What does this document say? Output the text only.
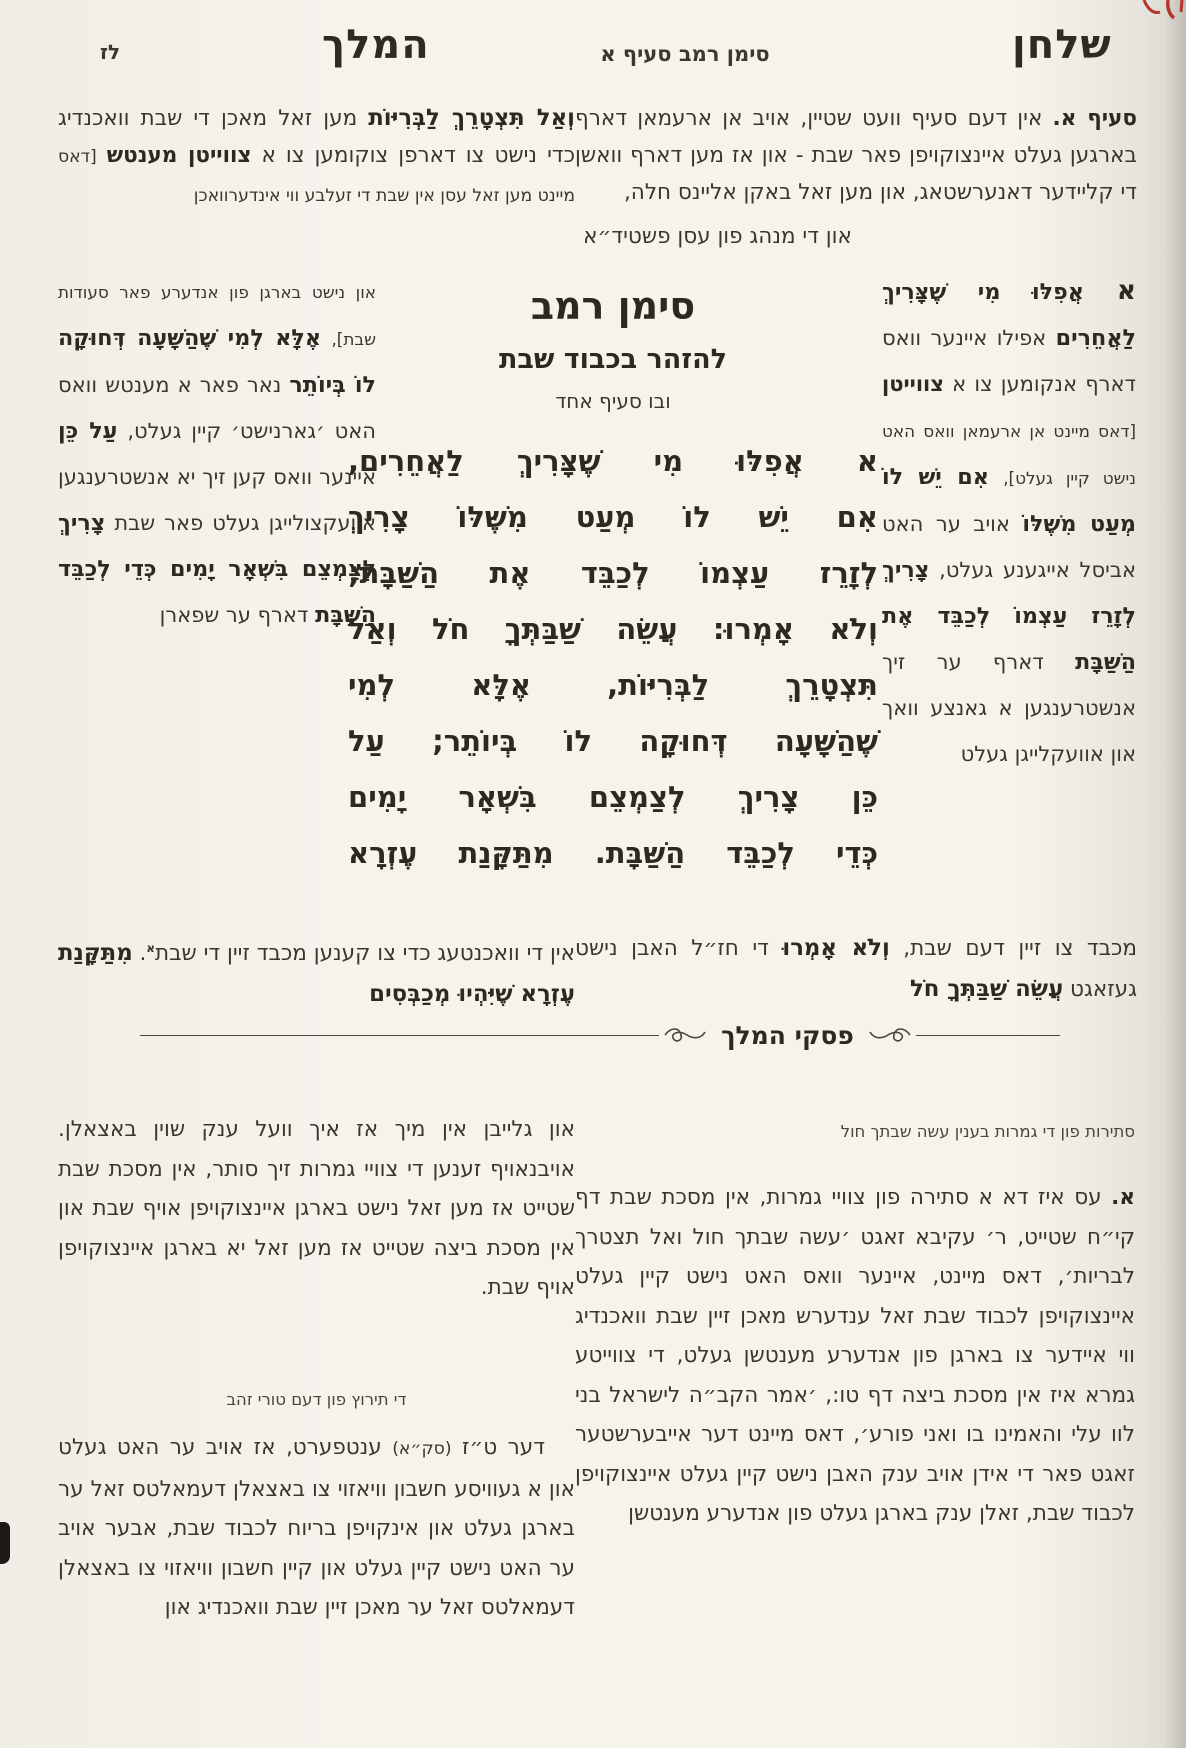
לז	המלך	סימן רמב סעיף א	שלחן
סעיף א. אין דעם סעיף וועט שטיין, אויב אן ארעמאן דארף בארגען געלט איינצוקויפן פאר שבת - און אז מען דארף וואשן די קליידער דאנערשטאג, און מען זאל באקן אליינס חלה,
און די מנהג פון עסן פשטיד״א
א אֲפִלּוּ מִי שֶׁצָּרִיךְ לַאֲחֵרִים אפילו איינער וואס דארף אנקומען צו א צווייטן [דאס מיינט אן ארעמאן וואס האט נישט קיין געלט], אִם יֵשׁ לוֹ מְעַט מִשֶּׁלּוֹ אויב ער האט אביסל אייגענע געלט, צָרִיךְ לְזָרֵז עַצְמוֹ לְכַבֵּד אֶת הַשַּׁבָּת דארף ער זיך אנשטרענגען א גאנצע וואך און אוועקלייגן געלט
מכבד צו זיין דעם שבת, וְלֹא אָמְרוּ די חז״ל האבן נישט געזאגט עֲשֵׂה שַׁבַּתְּךָ חֹל
וְאַל תִּצְטָרֵךְ לַבְּרִיּוֹת מען זאל מאכן די שבת וואכנדיג כדי נישט צו דארפן צוקומען צו א צווייטן מענטש [דאס מיינט מען זאל עסן אין שבת די זעלבע ווי אינדערוואכן
און נישט בארגן פון אנדערע פאר סעודות שבת], אֶלָּא לְמִי שֶׁהַשָּׁעָה דְּחוּקָה לוֹ בְּיוֹתֵר נאר פאר א מענטש וואס האט ׳גארנישט׳ קיין געלט, עַל כֵּן איינער וואס קען זיך יא אנשטרענגען אוועקצולייגן געלט פאר שבת צָרִיךְ לְצַמְצֵם בִּשְׁאָר יָמִים כְּדֵי לְכַבֵּד הַשַּׁבָּת דארף ער שפארן
אין די וואכנטעג כדי צו קענען מכבד זיין די שבת$^א$. מִתַּקָּנַת עֶזְרָא שֶׁיִּהְיוּ מְכַבְּסִים
סימן רמב
להזהר בכבוד שבת
ובו סעיף אחד
א אֲפִלּוּ מִי שֶׁצָּרִיךְ לַאֲחֵרִים,
אִם יֵשׁ לוֹ מְעַט מִשֶּׁלּוֹ צָרִיךְ
לְזָרֵז עַצְמוֹ לְכַבֵּד אֶת הַשַּׁבָּת;
וְלֹא אָמְרוּ: עֲשֵׂה שַׁבַּתְּךָ חֹל וְאַל
תִּצְטָרֵךְ לַבְּרִיּוֹת, אֶלָּא לְמִי
שֶׁהַשָּׁעָה דְּחוּקָה לוֹ בְּיוֹתֵר; עַל
כֵּן צָרִיךְ לְצַמְצֵם בִּשְׁאָר יָמִים
כְּדֵי לְכַבֵּד הַשַּׁבָּת. מִתַּקָּנַת עֶזְרָא
פסקי המלך
סתירות פון די גמרות בענין עשה שבתך חול
א. עס איז דא א סתירה פון צוויי גמרות, אין מסכת שבת דף קי״ח שטייט, ר׳ עקיבא זאגט ׳עשה שבתך חול ואל תצטרך לבריות׳, דאס מיינט, איינער וואס האט נישט קיין געלט איינצוקויפן לכבוד שבת זאל ענדערש מאכן זיין שבת וואכנדיג ווי איידער צו בארגן פון אנדערע מענטשן געלט, די צווייטע גמרא איז אין מסכת ביצה דף טו:, ׳אמר הקב״ה לישראל בני לוו עלי והאמינו בו ואני פורע׳, דאס מיינט דער אייבערשטער זאגט פאר די אידן אויב ענק האבן נישט קיין געלט איינצוקויפן לכבוד שבת, זאלן ענק בארגן געלט פון אנדערע מענטשן
און גלייבן אין מיך אז איך וועל ענק שוין באצאלן. אויבנאויף זענען די צוויי גמרות זיך סותר, אין מסכת שבת שטייט אז מען זאל נישט בארגן איינצוקויפן אויף שבת און אין מסכת ביצה שטייט אז מען זאל יא בארגן איינצוקויפן אויף שבת.
די תירוץ פון דעם טורי זהב
דער ט״ז (סק״א) ענטפערט, אז אויב ער האט געלט און א געוויסע חשבון וויאזוי צו באצאלן דעמאלטס זאל ער בארגן געלט און אינקויפן בריוח לכבוד שבת, אבער אויב ער האט נישט קיין געלט און קיין חשבון וויאזוי צו באצאלן דעמאלטס זאל ער מאכן זיין שבת וואכנדיג און
